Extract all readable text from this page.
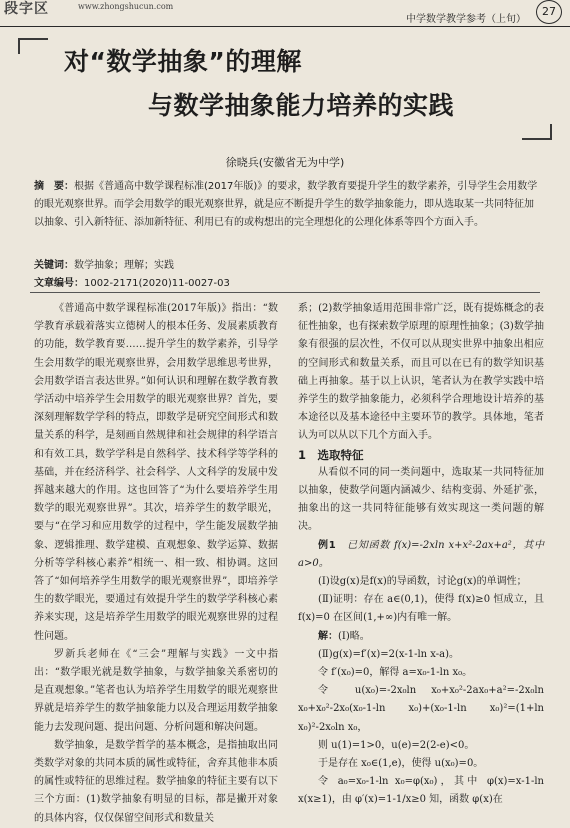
段字区	www.zhongshucun.com
中学数学教学参考（上旬）
27
对“数学抽象”的理解
与数学抽象能力培养的实践
徐晓兵(安徽省无为中学)
摘　要：根据《普通高中数学课程标准(2017年版)》的要求，数学教育要提升学生的数学素养，引导学生会用数学的眼光观察世界。而学会用数学的眼光观察世界，就是应不断提升学生的数学抽象能力，即从选取某一共同特征加以抽象、引入新特征、添加新特征、利用已有的或构想出的完全理想化的公理化体系等四个方面入手。
关键词：数学抽象；理解；实践
文章编号：1002-2171(2020)11-0027-03

《普通高中数学课程标准(2017年版)》指出：“数学教育承载着落实立德树人的根本任务、发展素质教育的功能，数学教育要……提升学生的数学素养，引导学生会用数学的眼光观察世界，会用数学思维思考世界，会用数学语言表达世界。”如何认识和理解在数学教育教学活动中培养学生会用数学的眼光观察世界？首先，要深刻理解数学学科的特点，即数学是研究空间形式和数量关系的科学，是刻画自然规律和社会规律的科学语言和有效工具，数学学科是自然科学、技术科学等学科的基础，并在经济科学、社会科学、人文科学的发展中发挥越来越大的作用。这也回答了“为什么要培养学生用数学的眼光观察世界”。其次，培养学生的数学眼光，要与“在学习和应用数学的过程中，学生能发展数学抽象、逻辑推理、数学建模、直观想象、数学运算、数据分析等学科核心素养”相统一、相一致、相协调。这回答了“如何培养学生用数学的眼光观察世界”，即培养学生的数学眼光，要通过有效提升学生的数学学科核心素养来实现，这是培养学生用数学的眼光观察世界的过程性问题。

罗新兵老师在《“三会”理解与实践》一文中指出：“数学眼光就是数学抽象，与数学抽象关系密切的是直观想象。”笔者也认为培养学生用数学的眼光观察世界就是培养学生的数学抽象能力以及合理运用数学抽象能力去发现问题、提出问题、分析问题和解决问题。

数学抽象，是数学哲学的基本概念，是指抽取出同类数学对象的共同本质的属性或特征，舍弃其他非本质的属性或特征的思维过程。数学抽象的特征主要有以下三个方面：(1)数学抽象有明显的目标，都是撇开对象的具体内容，仅仅保留空间形式和数量关

系；(2)数学抽象适用范围非常广泛，既有提炼概念的表征性抽象，也有探索数学原理的原理性抽象；(3)数学抽象有很强的层次性，不仅可以从现实世界中抽象出相应的空间形式和数量关系，而且可以在已有的数学知识基础上再抽象。基于以上认识，笔者认为在教学实践中培养学生的数学抽象能力，必须科学合理地设计培养的基本途径以及基本途径中主要环节的教学。具体地，笔者认为可以从以下几个方面入手。

1　选取特征

从看似不同的同一类问题中，选取某一共同特征加以抽象，使数学问题内涵减少、结构变弱、外延扩张，抽象出的这一共同特征能够有效实现这一类问题的解决。

例1　 已知函数 f(x)=-2xln x+x²-2ax+a²，其中 a>0。

(Ⅰ)设g(x)是f(x)的导函数，讨论g(x)的单调性；

(Ⅱ)证明：存在 a∈(0,1)，使得 f(x)≥0 恒成立，且 f(x)=0 在区间(1,+∞)内有唯一解。

解：(Ⅰ)略。

(Ⅱ)g(x)=f′(x)=2(x-1-ln x-a)。

令 f′(x₀)=0，解得 a=x₀-1-ln x₀。

令 u(x₀)=-2x₀ln x₀+x₀²-2ax₀+a²=-2x₀ln x₀+x₀²-2x₀(x₀-1-ln x₀)+(x₀-1-ln x₀)²=(1+ln x₀)²-2x₀ln x₀，

则 u(1)=1>0，u(e)=2(2-e)<0。

于是存在 x₀∈(1,e)，使得 u(x₀)=0。

令 a₀=x₀-1-ln x₀=φ(x₀)，其中 φ(x)=x-1-ln x(x≥1)，由 φ′(x)=1-1/x≥0 知，函数 φ(x)在
